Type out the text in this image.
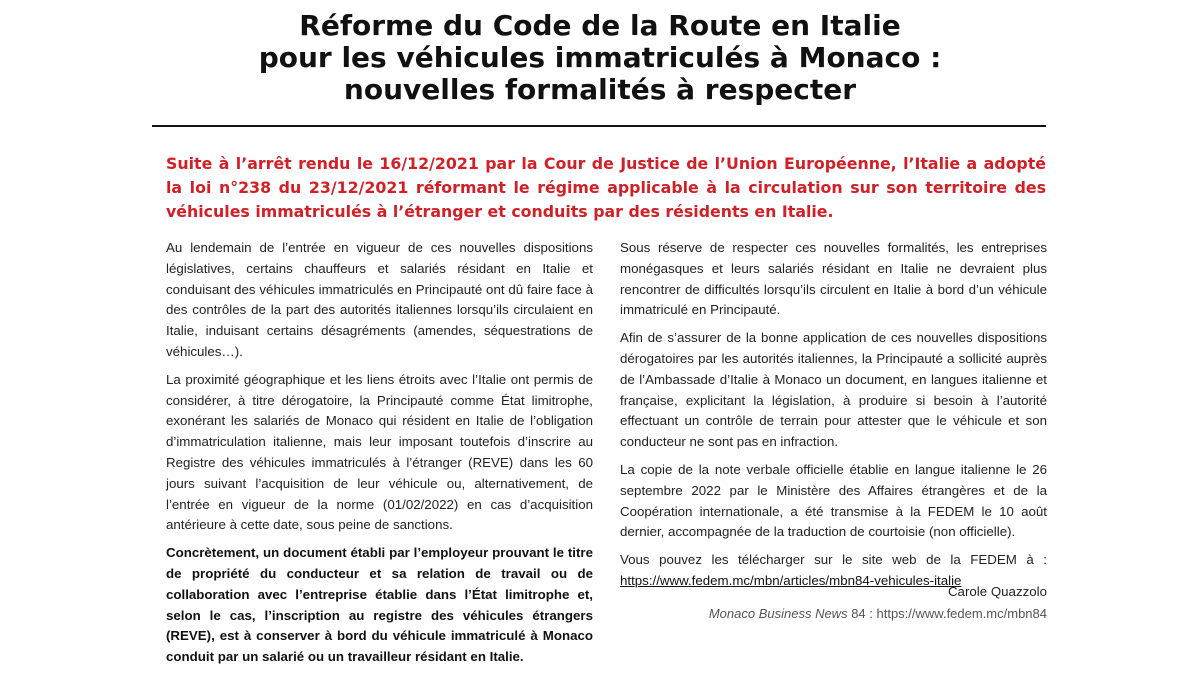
Réforme du Code de la Route en Italie
pour les véhicules immatriculés à Monaco :
nouvelles formalités à respecter

Suite à l’arrêt rendu le 16/12/2021 par la Cour de Justice de l’Union Européenne, l’Italie a adopté la loi n°238 du 23/12/2021 réformant le régime applicable à la circulation sur son territoire des véhicules immatriculés à l’étranger et conduits par des résidents en Italie.

Au lendemain de l’entrée en vigueur de ces nouvelles dispositions législatives, certains chauffeurs et salariés résidant en Italie et conduisant des véhicules immatriculés en Principauté ont dû faire face à des contrôles de la part des autorités italiennes lorsqu’ils circulaient en Italie, induisant certains désagréments (amendes, séquestrations de véhicules…).

La proximité géographique et les liens étroits avec l’Italie ont permis de considérer, à titre dérogatoire, la Principauté comme État limitrophe, exonérant les salariés de Monaco qui résident en Italie de l’obligation d’immatriculation italienne, mais leur imposant toutefois d’inscrire au Registre des véhicules immatriculés à l’étranger (REVE) dans les 60 jours suivant l’acquisition de leur véhicule ou, alternativement, de l’entrée en vigueur de la norme (01/02/2022) en cas d’acquisition antérieure à cette date, sous peine de sanctions.

Concrètement, un document établi par l’employeur prouvant le titre de propriété du conducteur et sa relation de travail ou de collaboration avec l’entreprise établie dans l’État limitrophe et, selon le cas, l’inscription au registre des véhicules étrangers (REVE), est à conserver à bord du véhicule immatriculé à Monaco conduit par un salarié ou un travailleur résidant en Italie.

Sous réserve de respecter ces nouvelles formalités, les entreprises monégasques et leurs salariés résidant en Italie ne devraient plus rencontrer de difficultés lorsqu’ils circulent en Italie à bord d’un véhicule immatriculé en Principauté.

Afin de s’assurer de la bonne application de ces nouvelles dispositions dérogatoires par les autorités italiennes, la Principauté a sollicité auprès de l’Ambassade d’Italie à Monaco un document, en langues italienne et française, explicitant la législation, à produire si besoin à l’autorité effectuant un contrôle de terrain pour attester que le véhicule et son conducteur ne sont pas en infraction.

La copie de la note verbale officielle établie en langue italienne le 26 septembre 2022 par le Ministère des Affaires étrangères et de la Coopération internationale, a été transmise à la FEDEM le 10 août dernier, accompagnée de la traduction de courtoisie (non officielle).

Vous pouvez les télécharger sur le site web de la FEDEM à : https://www.fedem.mc/mbn/articles/mbn84-vehicules-italie

Carole Quazzolo
Monaco Business News 84 : https://www.fedem.mc/mbn84
